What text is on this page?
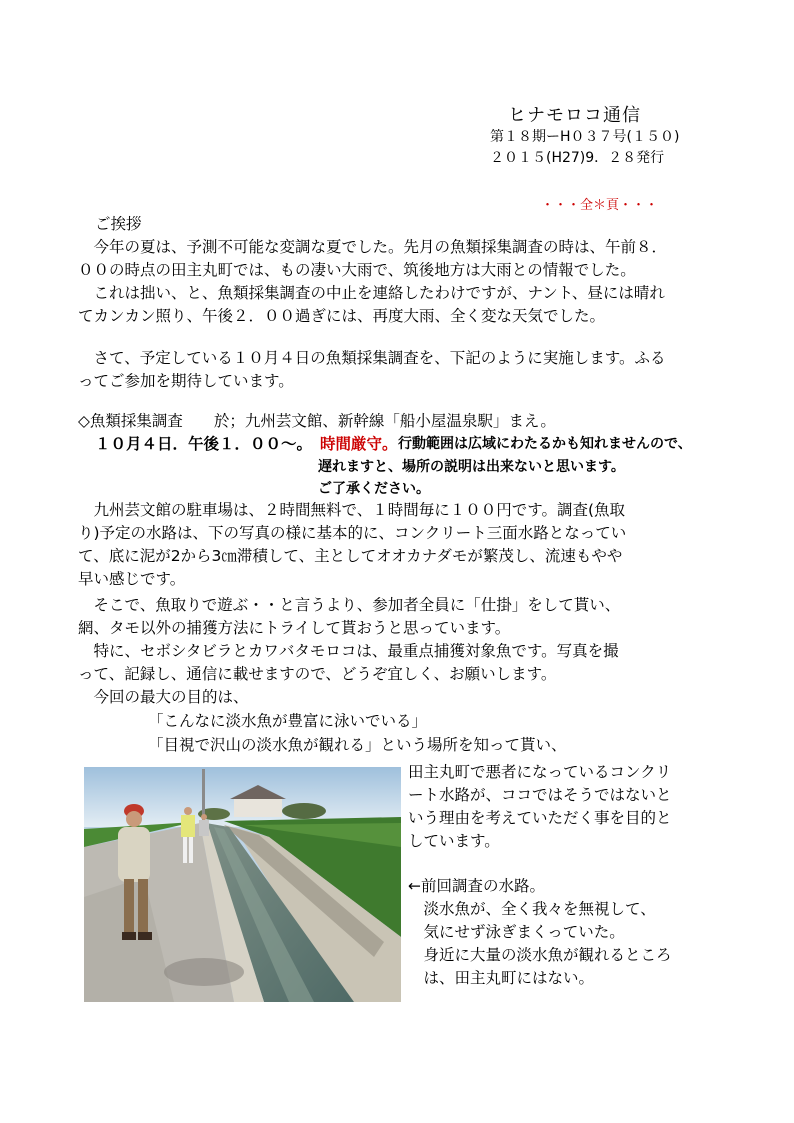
ヒナモロコ通信
第１８期ーH０３７号(１５０)
２０１５(H27)9．２８発行
・・・全＊頁・・・
ご挨拶
　今年の夏は、予測不可能な変調な夏でした。先月の魚類採集調査の時は、午前８．
００の時点の田主丸町では、もの凄い大雨で、筑後地方は大雨との情報でした。
　これは拙い、と、魚類採集調査の中止を連絡したわけですが、ナント、昼には晴れ
てカンカン照り、午後２．００過ぎには、再度大雨、全く変な天気でした。
　さて、予定している１０月４日の魚類採集調査を、下記のように実施します。ふる
ってご参加を期待しています。
◇魚類採集調査　　於；九州芸文館、新幹線「船小屋温泉駅」まえ。
１０月４日．午後１．００～。 時間厳守。 行動範囲は広域にわたるかも知れませんので、
遅れますと、場所の説明は出来ないと思います。
ご了承ください。
　九州芸文館の駐車場は、２時間無料で、１時間毎に１００円です。調査(魚取
り)予定の水路は、下の写真の様に基本的に、コンクリート三面水路となってい
て、底に泥が2から3㎝滞積して、主としてオオカナダモが繁茂し、流速もやや
早い感じです。
　そこで、魚取りで遊ぶ・・と言うより、参加者全員に「仕掛」をして貰い、
網、タモ以外の捕獲方法にトライして貰おうと思っています。
　特に、セボシタビラとカワバタモロコは、最重点捕獲対象魚です。写真を撮
って、記録し、通信に載せますので、どうぞ宜しく、お願いします。
　今回の最大の目的は、
「こんなに淡水魚が豊富に泳いでいる」
「目視で沢山の淡水魚が観れる」という場所を知って貰い、
田主丸町で悪者になっているコンクリ
ート水路が、ココではそうではないと
いう理由を考えていただく事を目的と
しています。
←前回調査の水路。
　淡水魚が、全く我々を無視して、
　気にせず泳ぎまくっていた。
　身近に大量の淡水魚が観れるところ
　は、田主丸町にはない。
